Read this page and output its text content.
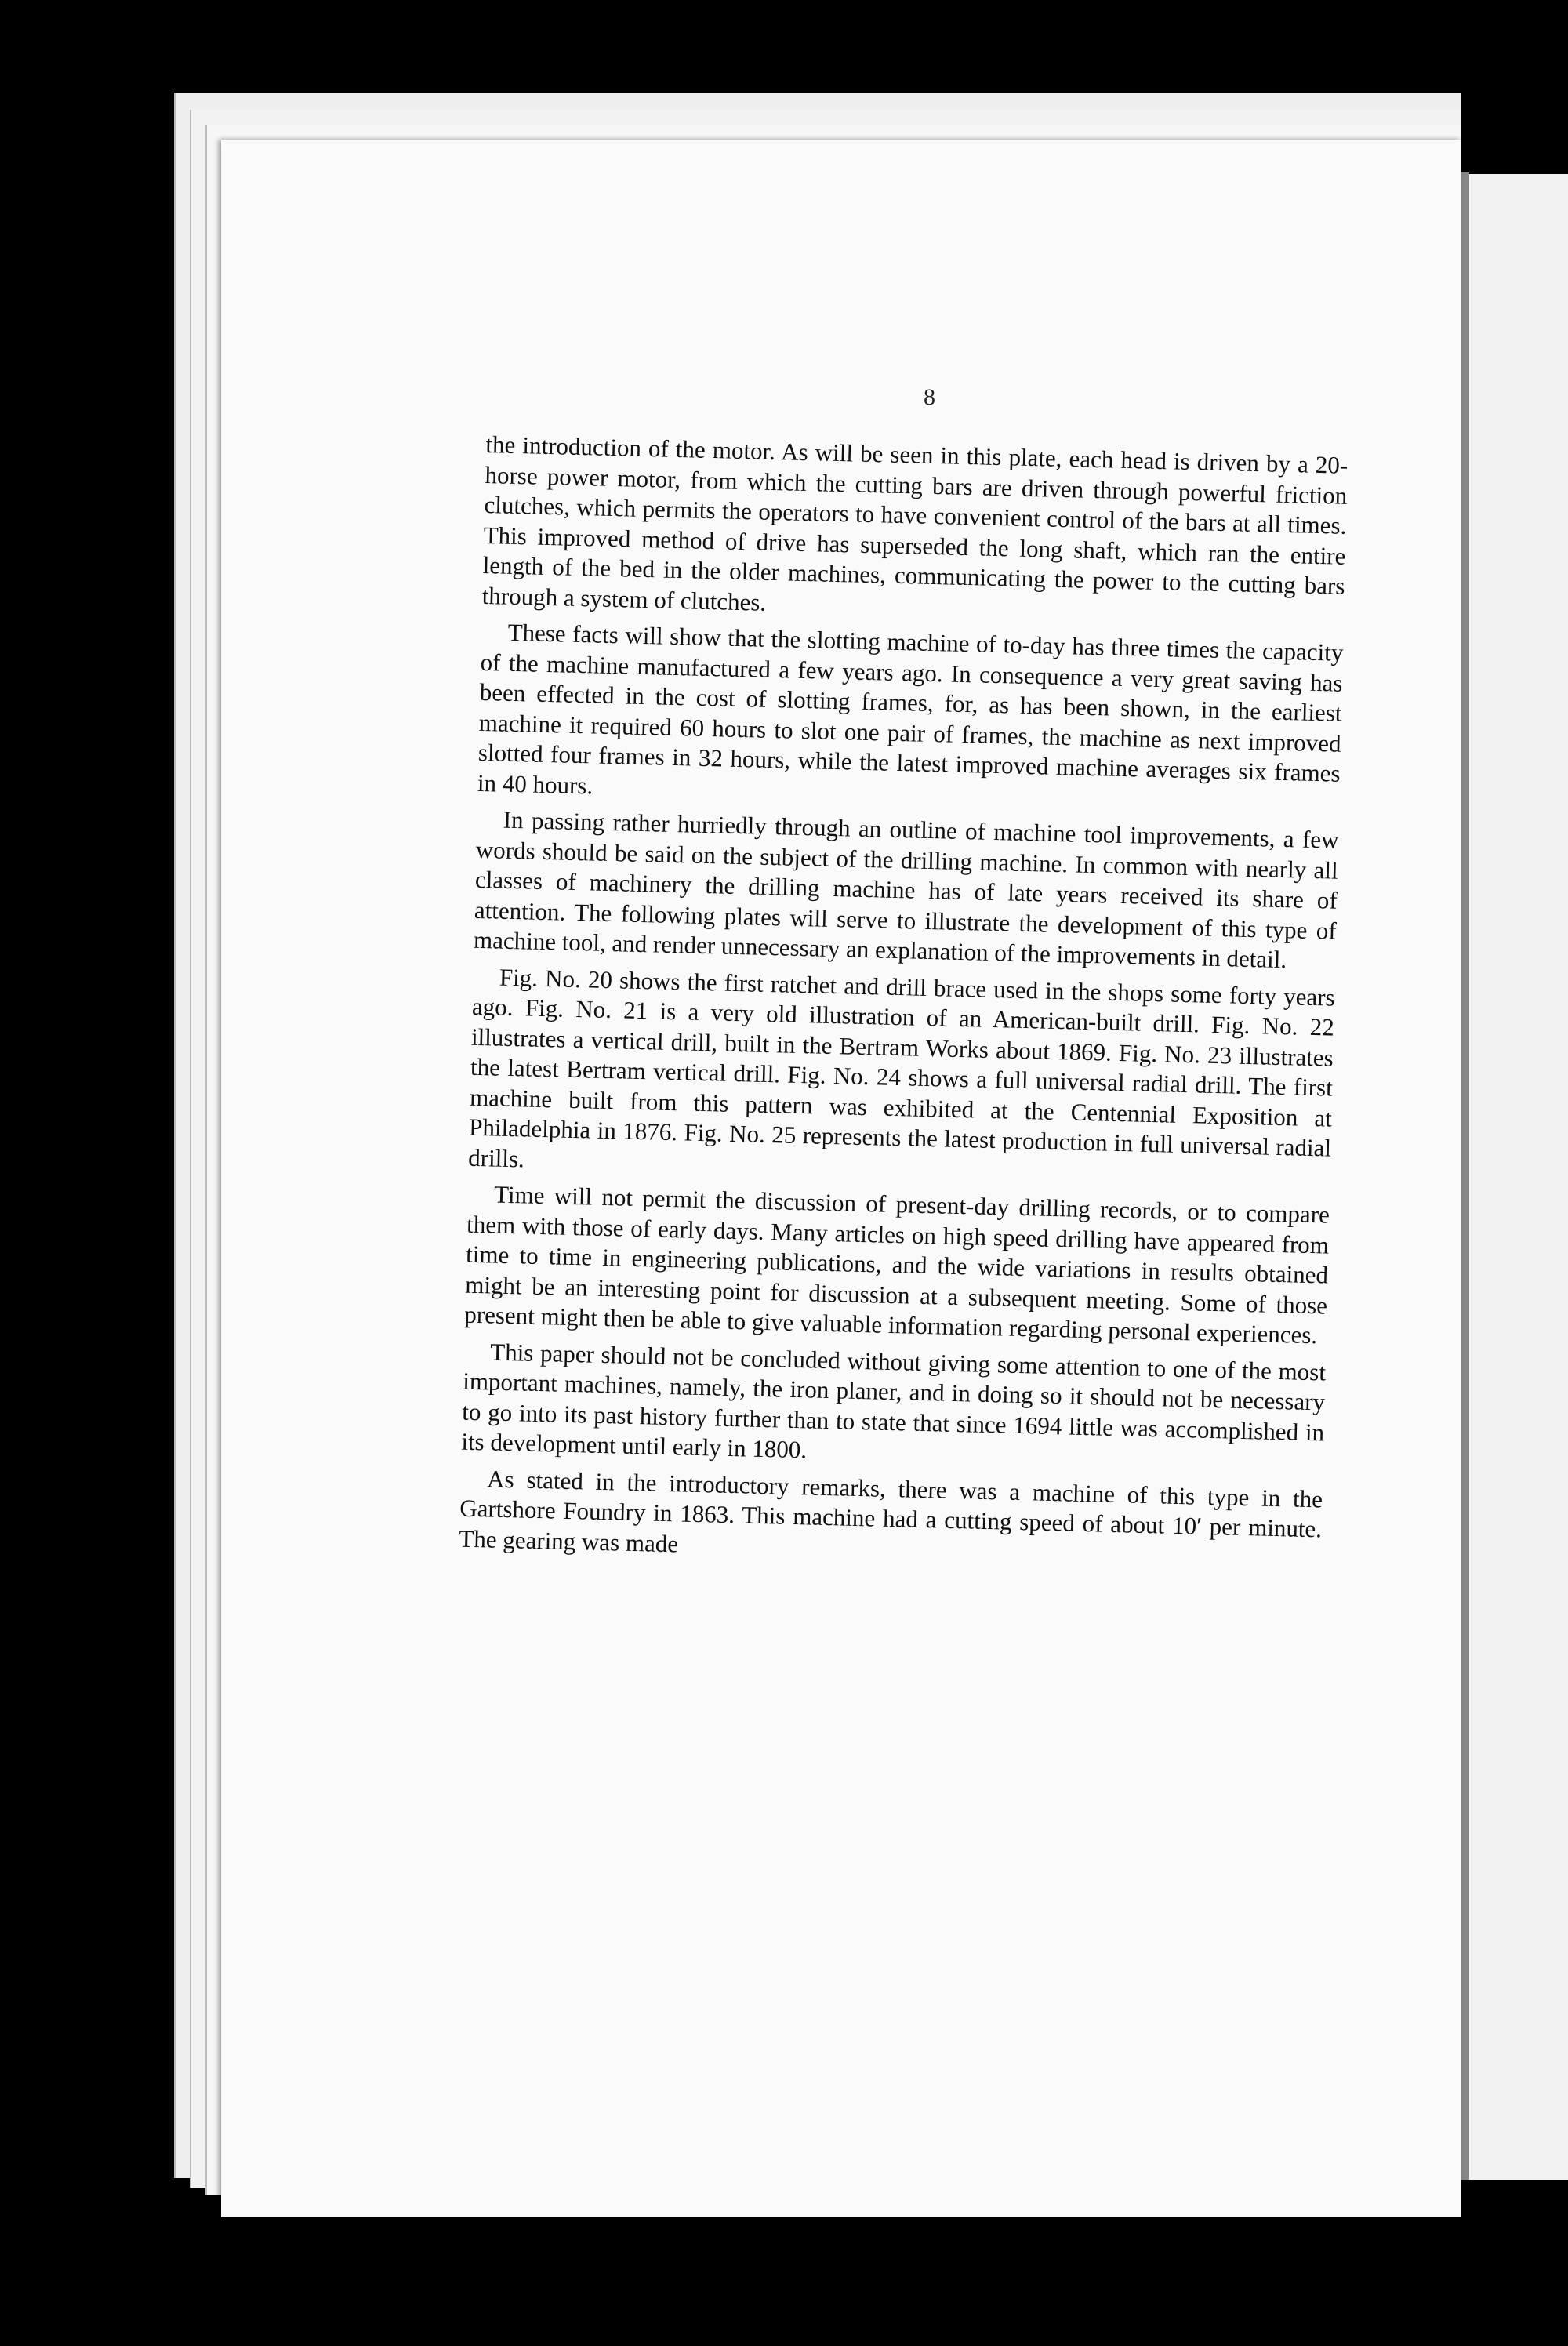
8

the introduction of the motor. As will be seen in this plate, each head is driven by a 20-horse power motor, from which the cutting bars are driven through powerful friction clutches, which permits the operators to have convenient control of the bars at all times. This improved method of drive has superseded the long shaft, which ran the entire length of the bed in the older machines, communicating the power to the cutting bars through a system of clutches.

These facts will show that the slotting machine of to-day has three times the capacity of the machine manufactured a few years ago. In consequence a very great saving has been effected in the cost of slotting frames, for, as has been shown, in the earliest machine it required 60 hours to slot one pair of frames, the machine as next improved slotted four frames in 32 hours, while the latest improved machine averages six frames in 40 hours.

In passing rather hurriedly through an outline of machine tool improvements, a few words should be said on the subject of the drilling machine. In common with nearly all classes of machinery the drilling machine has of late years received its share of attention. The following plates will serve to illustrate the development of this type of machine tool, and render unnecessary an explanation of the improvements in detail.

Fig. No. 20 shows the first ratchet and drill brace used in the shops some forty years ago. Fig. No. 21 is a very old illustration of an American-built drill. Fig. No. 22 illustrates a vertical drill, built in the Bertram Works about 1869. Fig. No. 23 illustrates the latest Bertram vertical drill. Fig. No. 24 shows a full universal radial drill. The first machine built from this pattern was exhibited at the Centennial Exposition at Philadelphia in 1876. Fig. No. 25 represents the latest production in full universal radial drills.

Time will not permit the discussion of present-day drilling records, or to compare them with those of early days. Many articles on high speed drilling have appeared from time to time in engineering publications, and the wide variations in results obtained might be an interesting point for discussion at a subsequent meeting. Some of those present might then be able to give valuable information regarding personal experiences.

This paper should not be concluded without giving some attention to one of the most important machines, namely, the iron planer, and in doing so it should not be necessary to go into its past history further than to state that since 1694 little was accomplished in its development until early in 1800.

As stated in the introductory remarks, there was a machine of this type in the Gartshore Foundry in 1863. This machine had a cutting speed of about 10′ per minute. The gearing was made
